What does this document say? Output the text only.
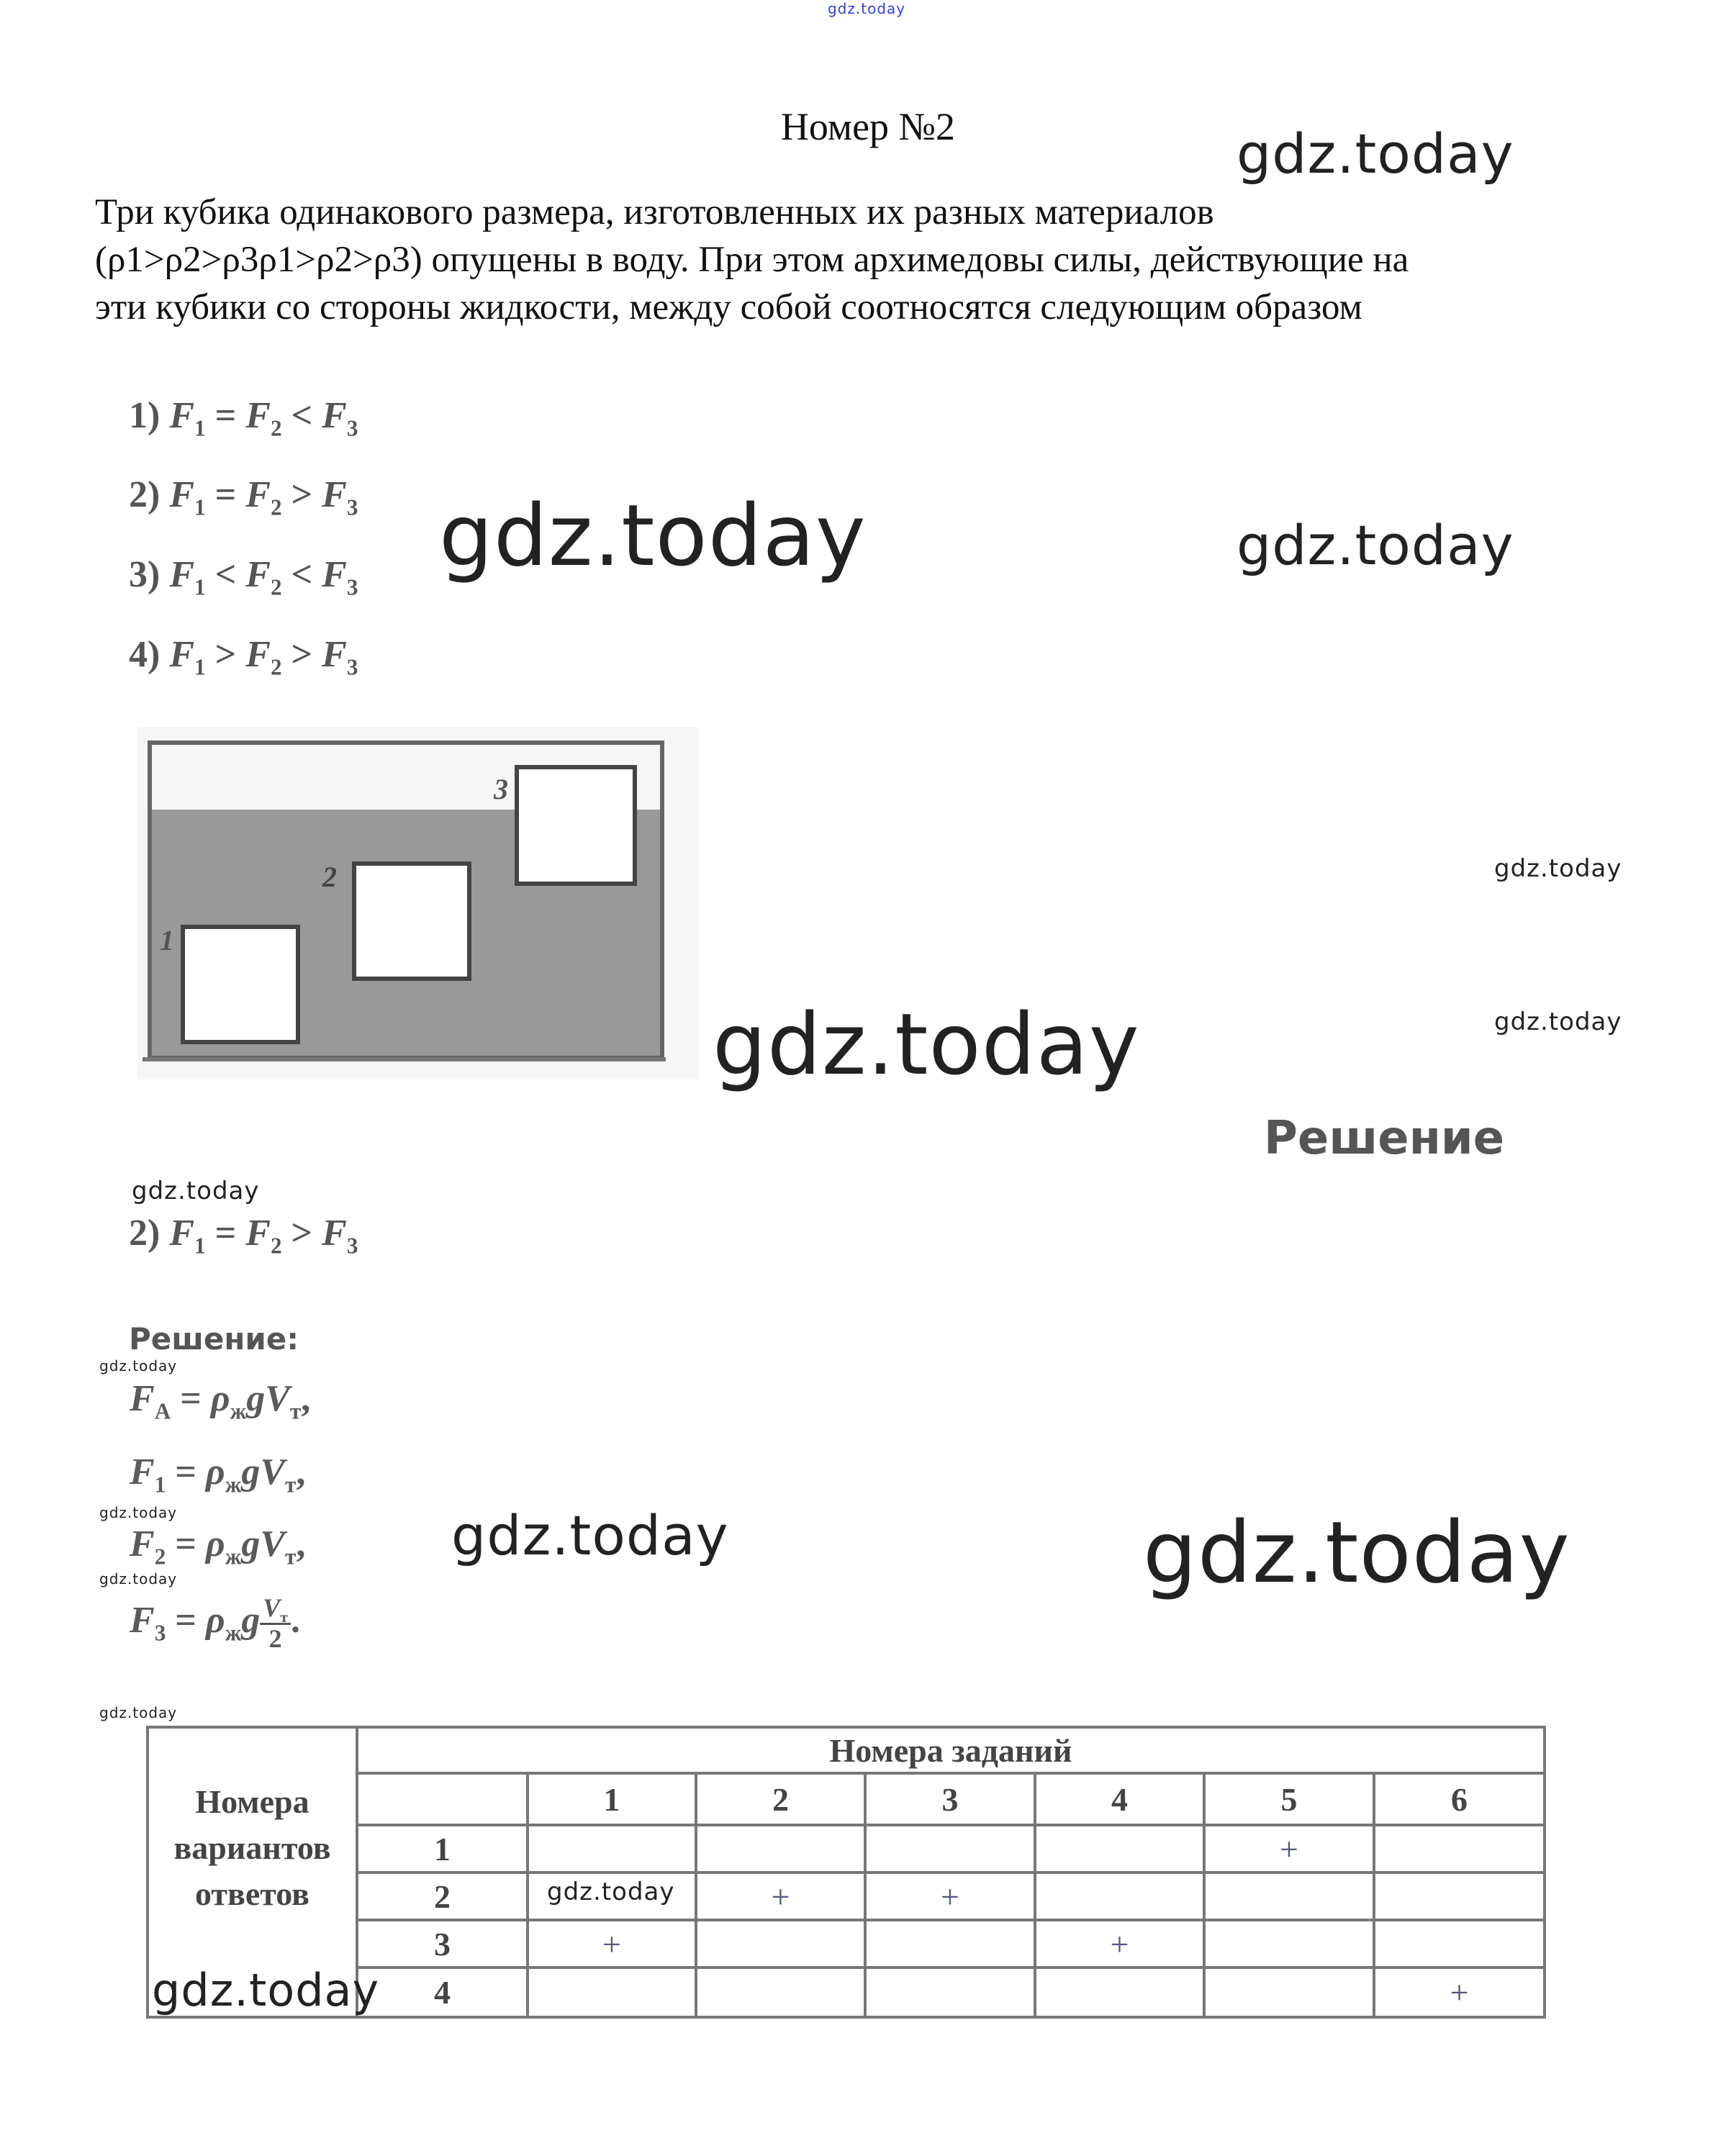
gdz.today
gdz.today
gdz.today	gdz.today
gdz.today
gdz.today
gdz.today
gdz.today
gdz.today
gdz.today	gdz.today	gdz.today
gdz.today
gdz.today
Номер №2
Три кубика одинакового размера, изготовленных их разных материалов
(ρ1>ρ2>ρ3ρ1>ρ2>ρ3) опущены в воду. При этом архимедовы силы, действующие на
эти кубики со стороны жидкости, между собой соотносятся следующим образом
1) $F_1 = F_2 < F_3$
2) $F_1 = F_2 > F_3$
3) $F_1 < F_2 < F_3$
4) $F_1 > F_2 > F_3$
1
2
3
Решение
2) $F_1 = F_2 > F_3$
Решение:
$F_A = \rho_жgV_т$,
$F_1 = \rho_жgV_т$,
$F_2 = \rho_жgV_т$,
$F_3 = \rho_жg \frac{V_т}{2}$ .
Номера вариантов ответов	Номера заданий						
		1	2	3	4	5	6
	1					+	
	2		+	+			
	3	+			+		
	4						+
gdz.today
gdz.today
